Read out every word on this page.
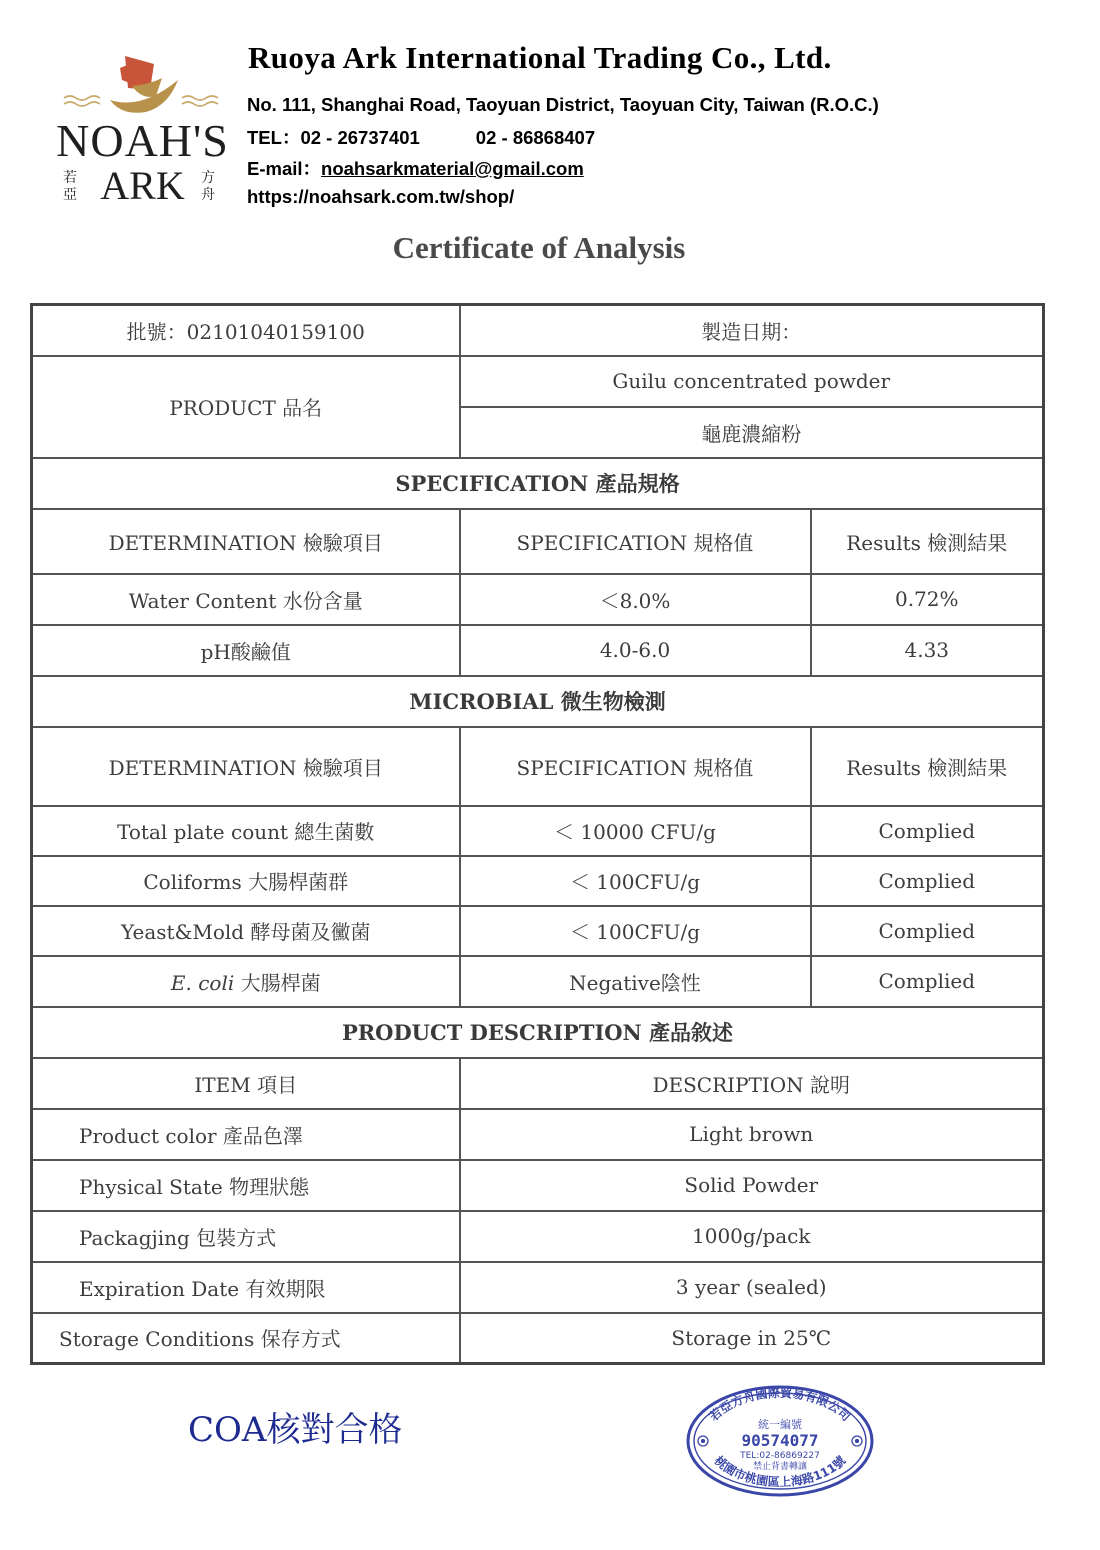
NOAH'S
ARK
若
亞
方
舟
Ruoya Ark International Trading Co., Ltd.
No. 111, Shanghai Road, Taoyuan District, Taoyuan City, Taiwan (R.O.C.)
TEL：02 - 26737401	02 - 86868407
E-mail：noahsarkmaterial@gmail.com
https://noahsark.com.tw/shop/
Certificate of Analysis
批號：02101040159100	製造日期：	
PRODUCT 品名	Guilu concentrated powder	
	龜鹿濃縮粉	
SPECIFICATION 產品規格		
DETERMINATION 檢驗項目	SPECIFICATION 規格值	Results 檢測結果
Water Content 水份含量	＜8.0%	0.72%
pH酸鹼值	4.0-6.0	4.33
MICROBIAL 微生物檢測		
DETERMINATION 檢驗項目	SPECIFICATION 規格值	Results 檢測結果
Total plate count 總生菌數	＜ 10000 CFU/g	Complied
Coliforms 大腸桿菌群	＜ 100CFU/g	Complied
Yeast&Mold 酵母菌及黴菌	＜ 100CFU/g	Complied
E. coli 大腸桿菌	Negative陰性	Complied
PRODUCT DESCRIPTION 產品敘述		
ITEM 項目	DESCRIPTION 說明	
Product color 產品色澤	Light brown	
Physical State 物理狀態	Solid Powder	
Packagjing 包裝方式	1000g/pack	
Expiration Date 有效期限	3 year (sealed)	
Storage Conditions 保存方式	Storage in 25℃	
COA核對合格	若亞方舟國際貿易有限公司
桃園市桃園區上海路111號
統一編號
90574077
TEL:02-86869227
禁止背書轉讓
